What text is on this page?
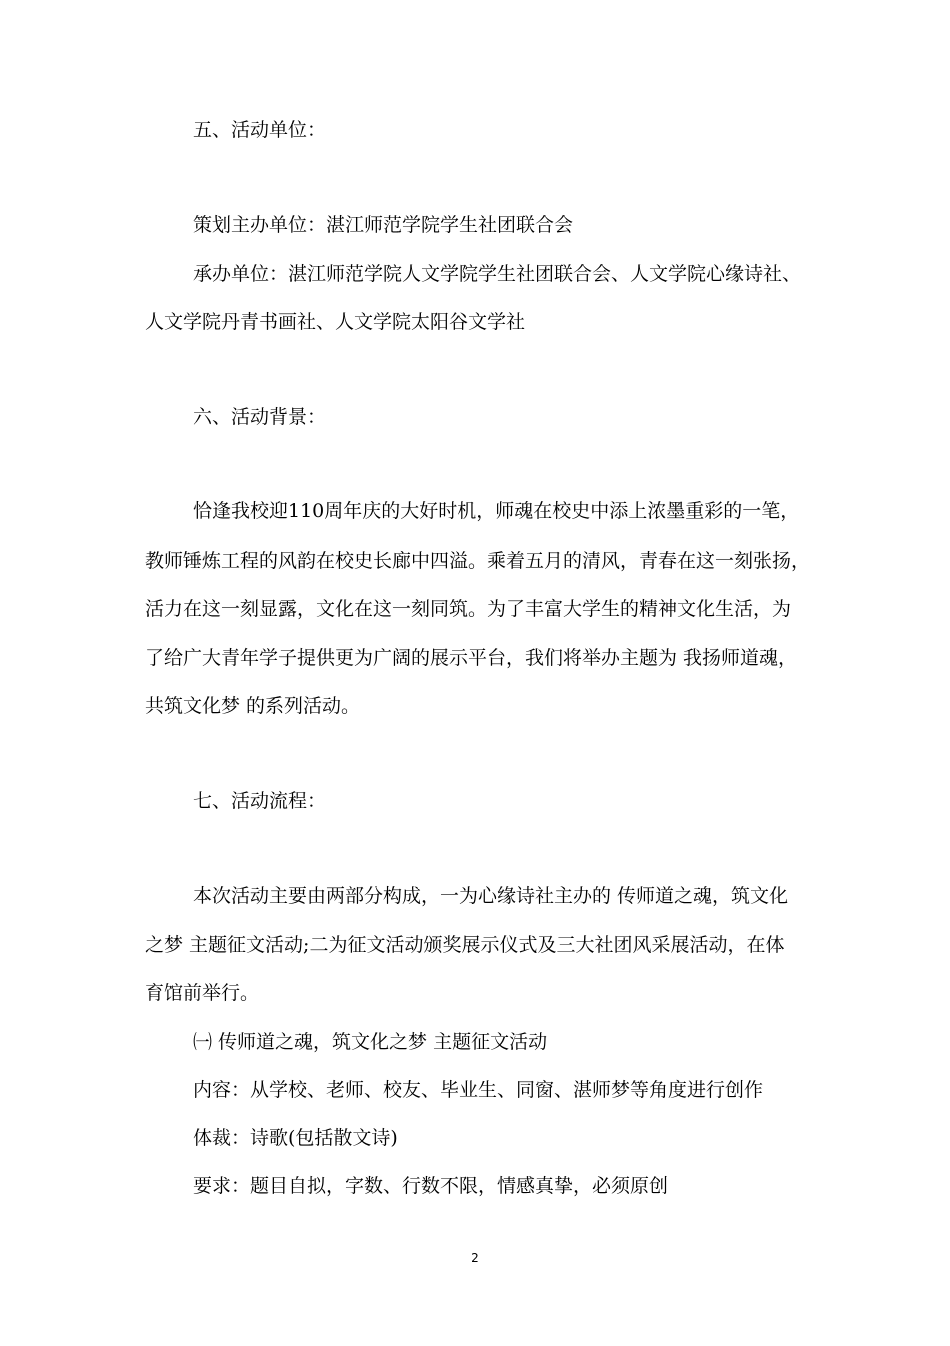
五、活动单位：
策划主办单位：湛江师范学院学生社团联合会
承办单位：湛江师范学院人文学院学生社团联合会、人文学院心缘诗社、
人文学院丹青书画社、人文学院太阳谷文学社
六、活动背景：
恰逢我校迎110周年庆的大好时机，师魂在校史中添上浓墨重彩的一笔，
教师锤炼工程的风韵在校史长廊中四溢。乘着五月的清风，青春在这一刻张扬，
活力在这一刻显露，文化在这一刻同筑。为了丰富大学生的精神文化生活，为
了给广大青年学子提供更为广阔的展示平台，我们将举办主题为 我扬师道魂，
共筑文化梦 的系列活动。
七、活动流程：
本次活动主要由两部分构成，一为心缘诗社主办的 传师道之魂，筑文化
之梦 主题征文活动;二为征文活动颁奖展示仪式及三大社团风采展活动，在体
育馆前举行。
㈠ 传师道之魂，筑文化之梦 主题征文活动
内容：从学校、老师、校友、毕业生、同窗、湛师梦等角度进行创作
体裁：诗歌(包括散文诗)
要求：题目自拟，字数、行数不限，情感真挚，必须原创
2
